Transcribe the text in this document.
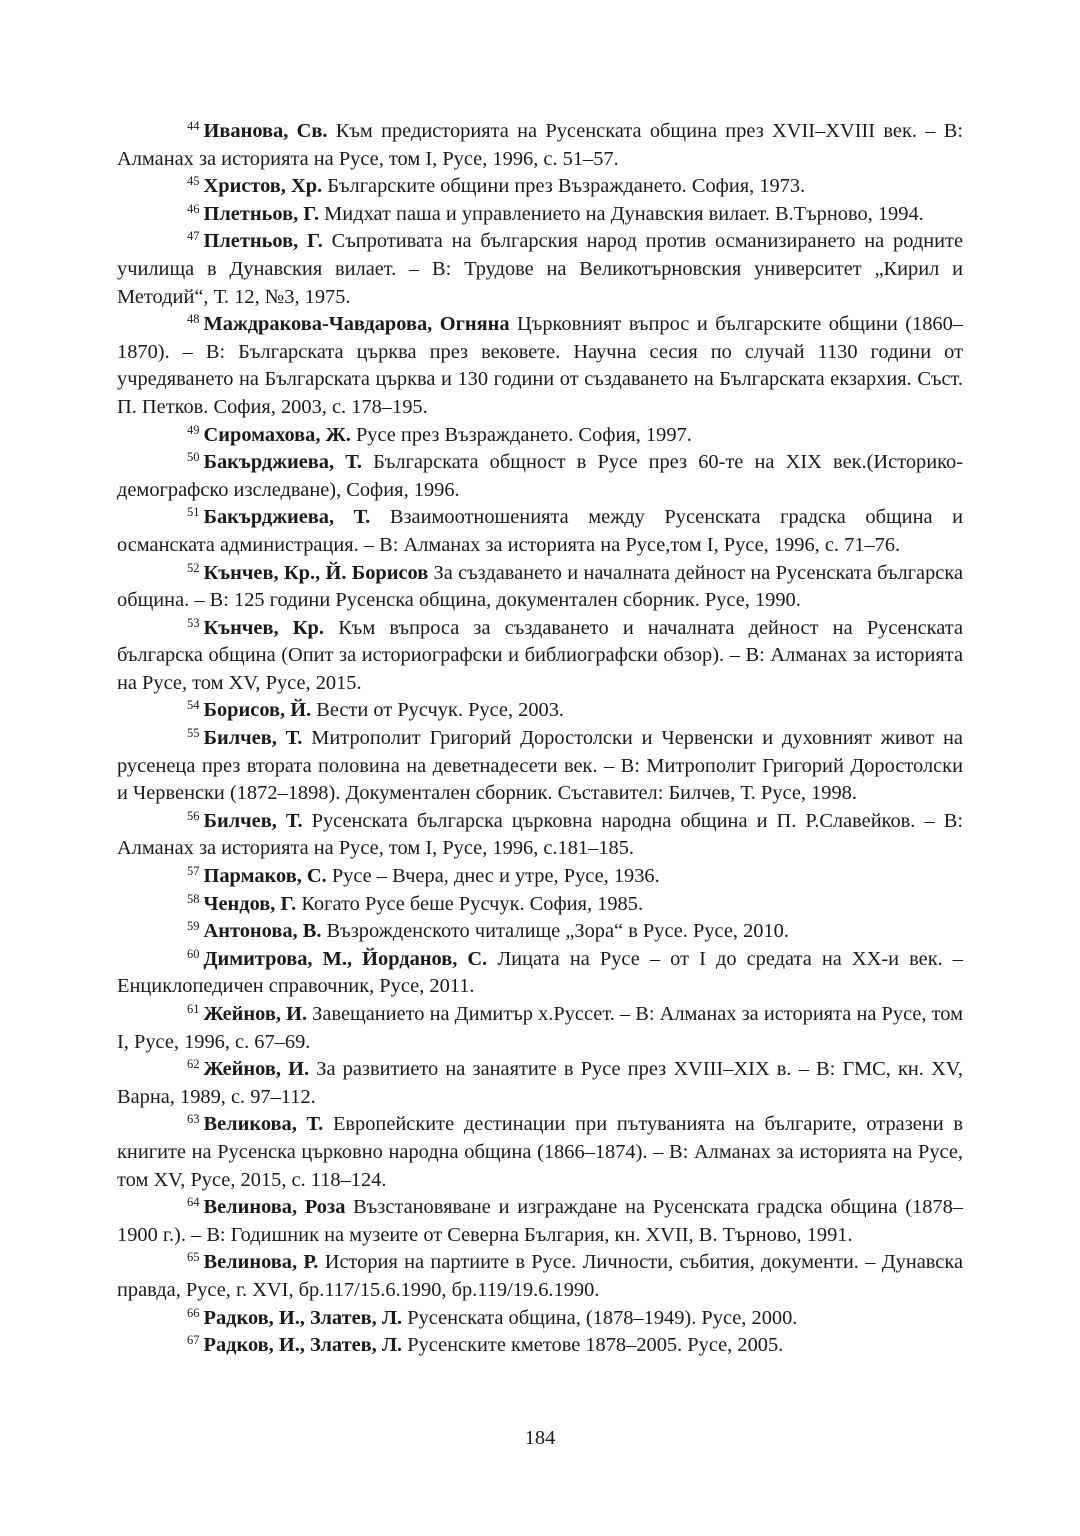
$^{44}$ Иванова, Св. Към предисторията на Русенската община през XVII–XVIII век. – В: Алманах за историята на Русе, том I, Русе, 1996, с. 51–57.

$^{45}$ Христов, Хр. Българските общини през Възраждането. София, 1973.

$^{46}$ Плетньов, Г. Мидхат паша и управлението на Дунавския вилает. В.Търново, 1994.

$^{47}$ Плетньов, Г. Съпротивата на българския народ против османизирането на родните училища в Дунавския вилает. – В: Трудове на Великотърновския университет „Кирил и Методий“, Т. 12, №3, 1975.

$^{48}$ Маждракова-Чавдарова, Огняна Църковният въпрос и българските общини (1860–1870). – В: Българската църква през вековете. Научна сесия по случай 1130 години от учредяването на Българската църква и 130 години от създаването на Българската екзархия. Съст. П. Петков. София, 2003, с. 178–195.

$^{49}$ Сиромахова, Ж. Русе през Възраждането. София, 1997.

$^{50}$ Бакърджиева, Т. Българската общност в Русе през 60-те на XIX век.(Историко-демографско изследване), София, 1996.

$^{51}$ Бакърджиева, Т. Взаимоотношенията между Русенската градска община и османската администрация. – В: Алманах за историята на Русе,том I, Русе, 1996, с. 71–76.

$^{52}$ Кънчев, Кр., Й. Борисов За създаването и началната дейност на Русенската българска община. – В: 125 години Русенска община, документален сборник. Русе, 1990.

$^{53}$ Кънчев, Кр. Към въпроса за създаването и началната дейност на Русенската българска община (Опит за историографски и библиографски обзор). – В: Алманах за историята на Русе, том XV, Русе, 2015.

$^{54}$ Борисов, Й. Вести от Русчук. Русе, 2003.

$^{55}$ Билчев, Т. Митрополит Григорий Доростолски и Червенски и духовният живот на русенеца през втората половина на деветнадесети век. – В: Митрополит Григорий Доростолски и Червенски (1872–1898). Документален сборник. Съставител: Билчев, Т. Русе, 1998.

$^{56}$ Билчев, Т. Русенската българска църковна народна община и П. Р.Славейков. – В: Алманах за историята на Русе, том I, Русе, 1996, с.181–185.

$^{57}$ Пармаков, С. Русе – Вчера, днес и утре, Русе, 1936.

$^{58}$ Чендов, Г. Когато Русе беше Русчук. София, 1985.

$^{59}$ Антонова, В. Възрожденското читалище „Зора“ в Русе. Русе, 2010.

$^{60}$ Димитрова, М., Йорданов, С. Лицата на Русе – от I до средата на XX-и век. – Енциклопедичен справочник, Русе, 2011.

$^{61}$ Жейнов, И. Завещанието на Димитър х.Руссет. – В: Алманах за историята на Русе, том I, Русе, 1996, с. 67–69.

$^{62}$ Жейнов, И. За развитието на занаятите в Русе през XVIII–XIX в. – В: ГМС, кн. XV, Варна, 1989, с. 97–112.

$^{63}$ Великова, Т. Европейските дестинации при пътуванията на българите, отразени в книгите на Русенска църковно народна община (1866–1874). – В: Алманах за историята на Русе, том XV, Русе, 2015, с. 118–124.

$^{64}$ Велинова, Роза Възстановяване и изграждане на Русенската градска община (1878–1900 г.). – В: Годишник на музеите от Северна България, кн. XVII, В. Търново, 1991.

$^{65}$ Велинова, Р. История на партиите в Русе. Личности, събития, документи. – Дунавска правда, Русе, г. XVI, бр.117/15.6.1990, бр.119/19.6.1990.

$^{66}$ Радков, И., Златев, Л. Русенската община, (1878–1949). Русе, 2000.

$^{67}$ Радков, И., Златев, Л. Русенските кметове 1878–2005. Русе, 2005.

184
